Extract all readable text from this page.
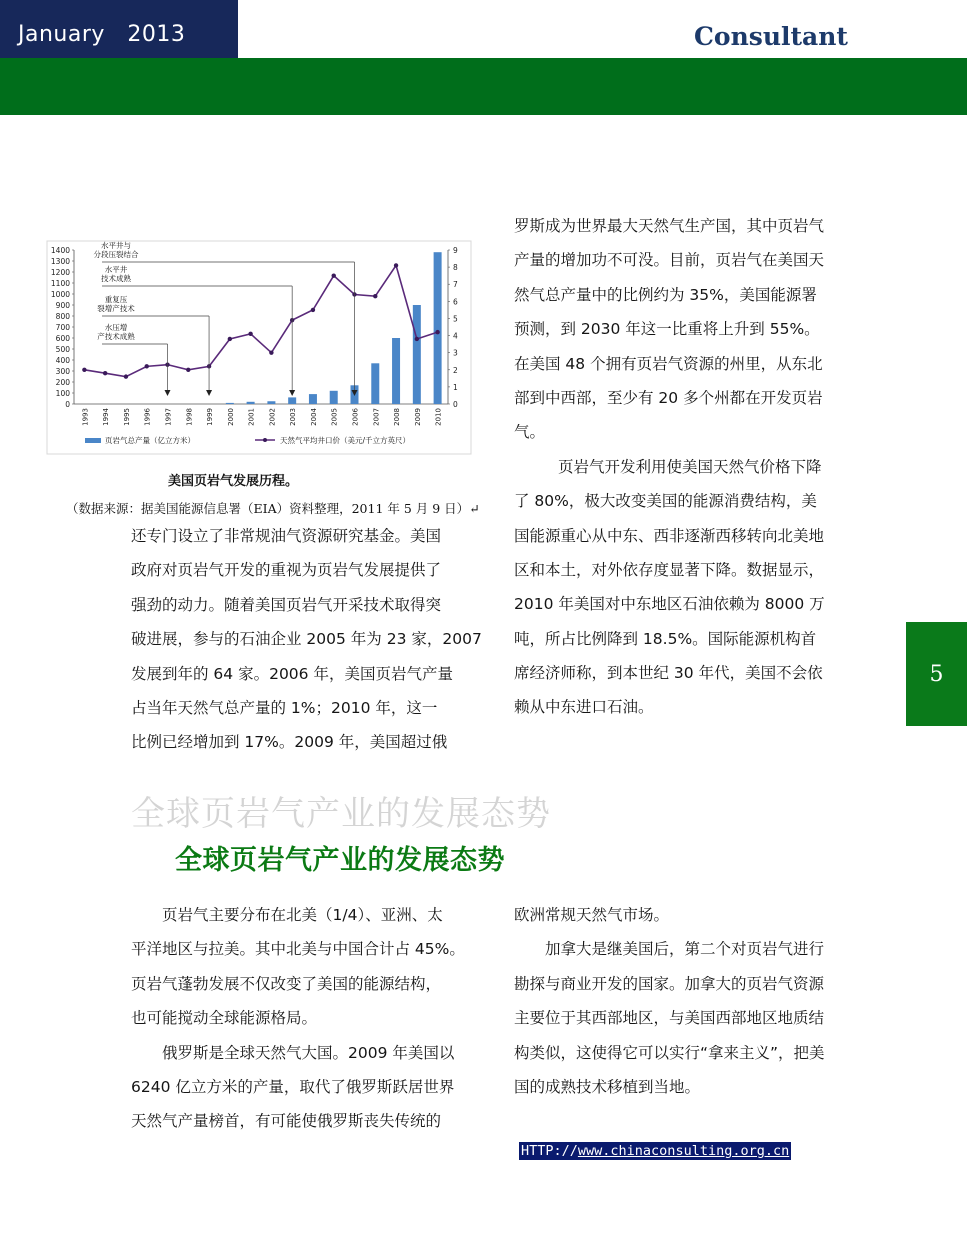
January   2013	Consultant
5
0
100
200
300
400
500
600
700
800
900
1000
1100
1200
1300
1400
0
1
2
3
4
5
6
7
8
9
1993 1994 1995 1996 1997 1998 1999 2000 2001 2002 2003 2004 2005 2006 2007 2008 2009 2010
水平井与
分段压裂结合
水平井
技术成熟
重复压
裂增产技术
水压增
产技术成熟
页岩气总产量（亿立方米）	天然气平均井口价（美元/千立方英尺）
美国页岩气发展历程。
（数据来源：据美国能源信息署（EIA）资料整理，2011 年 5 月 9 日）↵
还专门设立了非常规油气资源研究基金。美国
政府对页岩气开发的重视为页岩气发展提供了
强劲的动力。随着美国页岩气开采技术取得突
破进展，参与的石油企业 2005 年为 23 家，2007
发展到年的 64 家。2006 年，美国页岩气产量
占当年天然气总产量的 1%；2010 年，这一
比例已经增加到 17%。2009 年，美国超过俄
罗斯成为世界最大天然气生产国，其中页岩气
产量的增加功不可没。目前，页岩气在美国天
然气总产量中的比例约为 35%，美国能源署
预测，到 2030 年这一比重将上升到 55%。
在美国 48 个拥有页岩气资源的州里，从东北
部到中西部，至少有 20 多个州都在开发页岩
气。
页岩气开发利用使美国天然气价格下降
了 80%，极大改变美国的能源消费结构，美
国能源重心从中东、西非逐渐西移转向北美地
区和本土，对外依存度显著下降。数据显示，
2010 年美国对中东地区石油依赖为 8000 万
吨，所占比例降到 18.5%。国际能源机构首
席经济师称，到本世纪 30 年代，美国不会依
赖从中东进口石油。
全球页岩气产业的发展态势
全球页岩气产业的发展态势
页岩气主要分布在北美（1/4）、亚洲、太
平洋地区与拉美。其中北美与中国合计占 45%。
页岩气蓬勃发展不仅改变了美国的能源结构，
也可能搅动全球能源格局。
俄罗斯是全球天然气大国。2009 年美国以
6240 亿立方米的产量，取代了俄罗斯跃居世界
天然气产量榜首，有可能使俄罗斯丧失传统的
欧洲常规天然气市场。
加拿大是继美国后，第二个对页岩气进行
勘探与商业开发的国家。加拿大的页岩气资源
主要位于其西部地区，与美国西部地区地质结
构类似，这使得它可以实行“拿来主义”，把美
国的成熟技术移植到当地。
HTTP://www.chinaconsulting.org.cn
